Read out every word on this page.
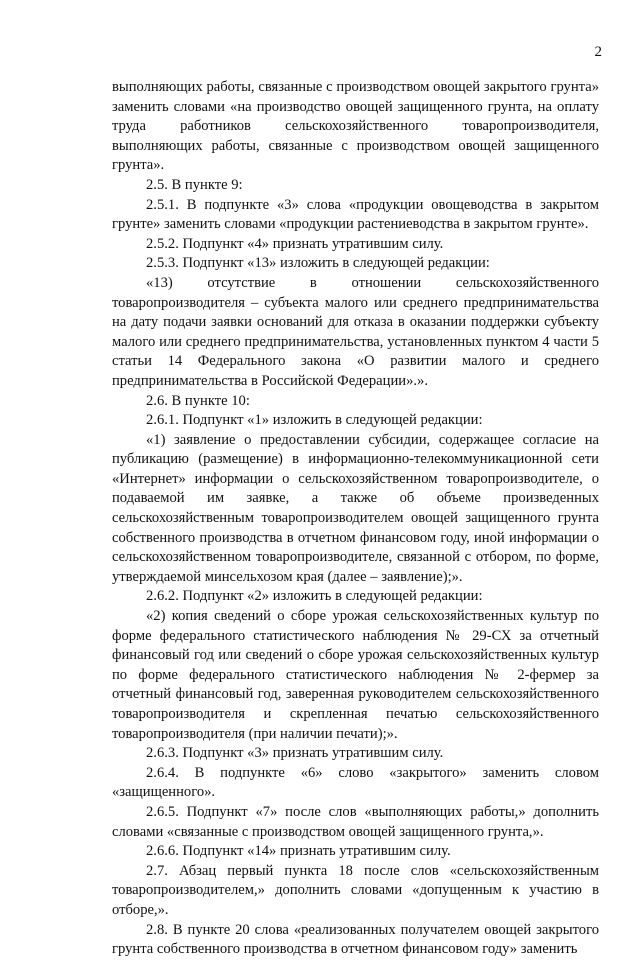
2

выполняющих работы, связанные с производством овощей закрытого грунта» заменить словами «на производство овощей защищенного грунта, на оплату труда работников сельскохозяйственного товаропроизводителя, выполняющих работы, связанные с производством овощей защищенного грунта».

2.5. В пункте 9:

2.5.1. В подпункте «3» слова «продукции овощеводства в закрытом грунте» заменить словами «продукции растениеводства в закрытом грунте».

2.5.2. Подпункт «4» признать утратившим силу.

2.5.3. Подпункт «13» изложить в следующей редакции:

«13) отсутствие в отношении сельскохозяйственного товаропроизводителя – субъекта малого или среднего предпринимательства на дату подачи заявки оснований для отказа в оказании поддержки субъекту малого или среднего предпринимательства, установленных пунктом 4 части 5 статьи 14 Федерального закона «О развитии малого и среднего предпринимательства в Российской Федерации».».

2.6. В пункте 10:

2.6.1. Подпункт «1» изложить в следующей редакции:

«1) заявление о предоставлении субсидии, содержащее согласие на публикацию (размещение) в информационно-телекоммуникационной сети «Интернет» информации о сельскохозяйственном товаропроизводителе, о подаваемой им заявке, а также об объеме произведенных сельскохозяйственным товаропроизводителем овощей защищенного грунта собственного производства в отчетном финансовом году, иной информации о сельскохозяйственном товаропроизводителе, связанной с отбором, по форме, утверждаемой минсельхозом края (далее – заявление);».

2.6.2. Подпункт «2» изложить в следующей редакции:

«2) копия сведений о сборе урожая сельскохозяйственных культур по форме федерального статистического наблюдения № 29-СХ за отчетный финансовый год или сведений о сборе урожая сельскохозяйственных культур по форме федерального статистического наблюдения № 2-фермер за отчетный финансовый год, заверенная руководителем сельскохозяйственного товаропроизводителя и скрепленная печатью сельскохозяйственного товаропроизводителя (при наличии печати);».

2.6.3. Подпункт «3» признать утратившим силу.

2.6.4. В подпункте «6» слово «закрытого» заменить словом «защищенного».

2.6.5. Подпункт «7» после слов «выполняющих работы,» дополнить словами «связанные с производством овощей защищенного грунта,».

2.6.6. Подпункт «14» признать утратившим силу.

2.7. Абзац первый пункта 18 после слов «сельскохозяйственным товаропроизводителем,» дополнить словами «допущенным к участию в отборе,».

2.8. В пункте 20 слова «реализованных получателем овощей закрытого грунта собственного производства в отчетном финансовом году» заменить
